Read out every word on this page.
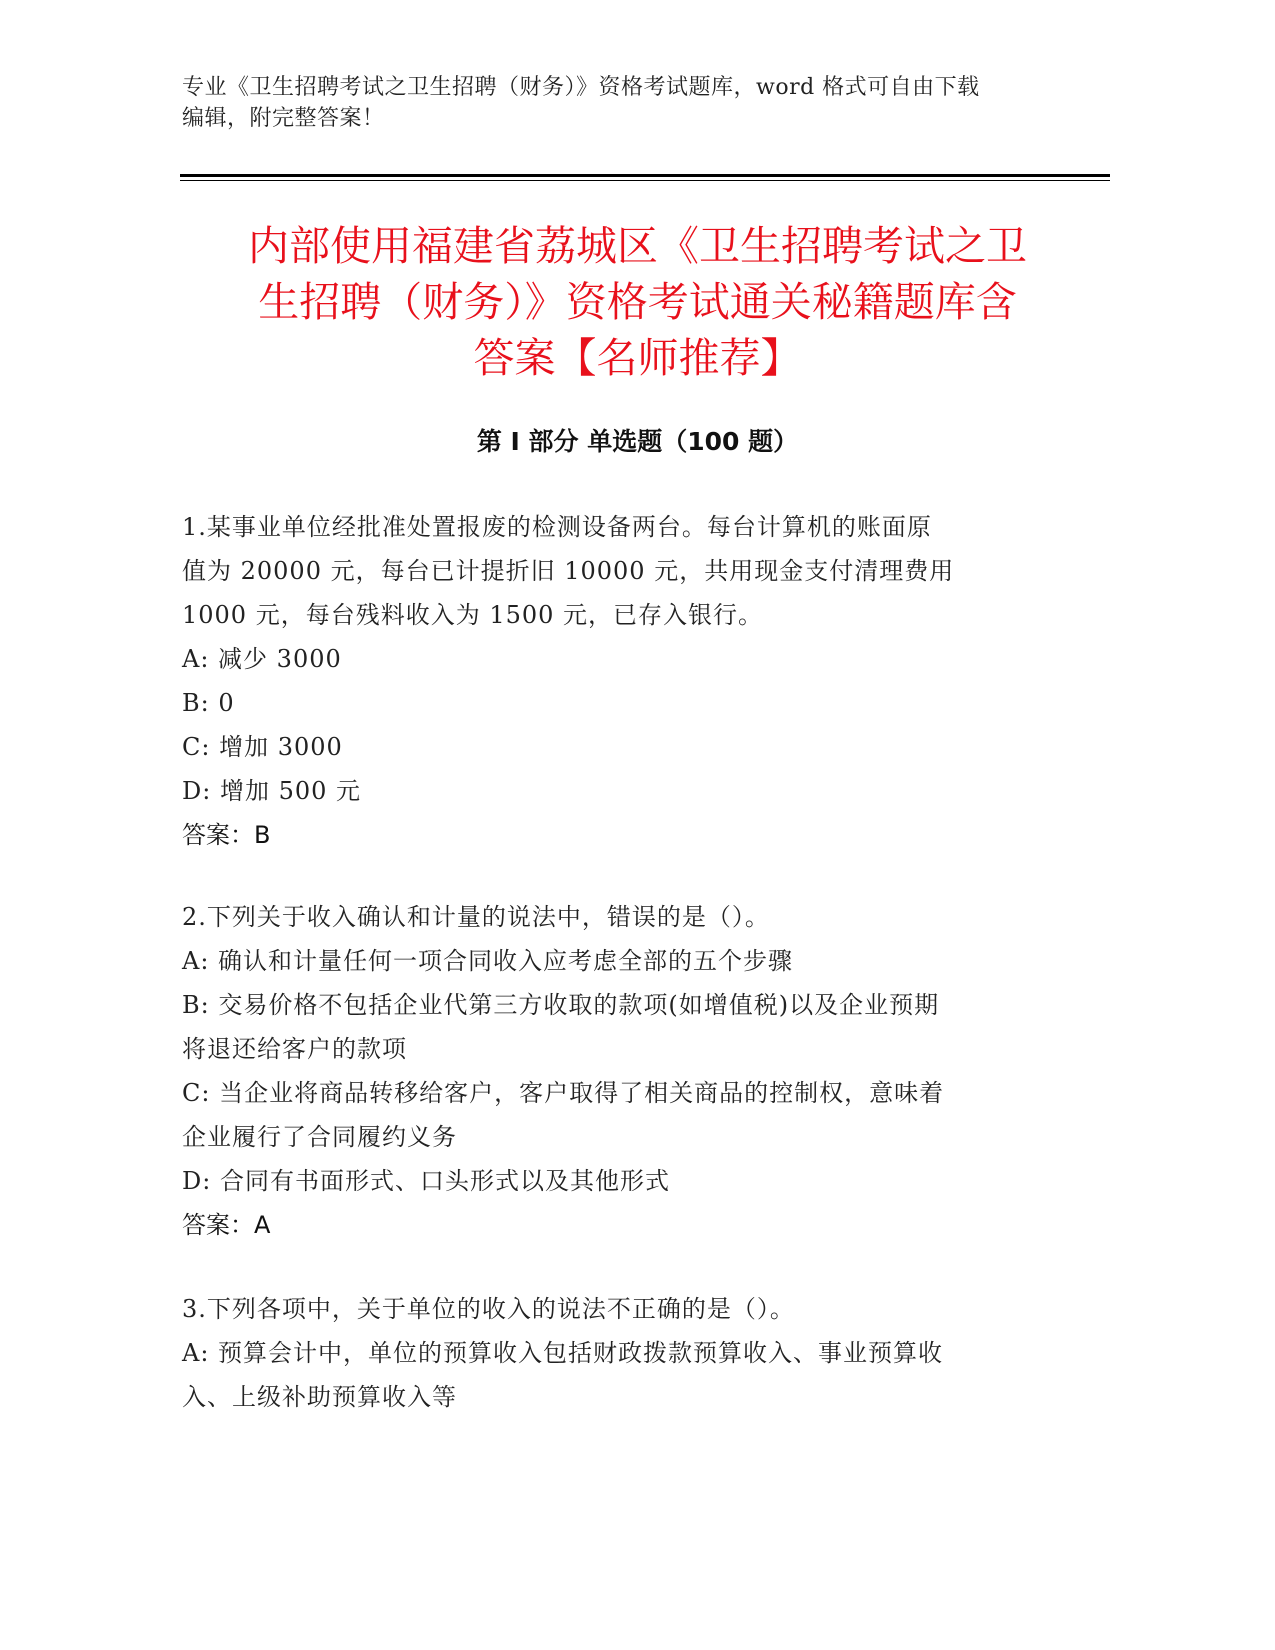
专业《卫生招聘考试之卫生招聘（财务）》资格考试题库，word 格式可自由下载
编辑，附完整答案！
内部使用福建省荔城区《卫生招聘考试之卫
生招聘（财务）》资格考试通关秘籍题库含
答案【名师推荐】
第 I 部分 单选题（100 题）

1.某事业单位经批准处置报废的检测设备两台。每台计算机的账面原

值为 20000 元，每台已计提折旧 10000 元，共用现金支付清理费用

1000 元，每台残料收入为 1500 元，已存入银行。

A: 减少 3000

B: 0

C: 增加 3000

D: 增加 500 元

答案：B

2.下列关于收入确认和计量的说法中，错误的是（）。

A: 确认和计量任何一项合同收入应考虑全部的五个步骤

B: 交易价格不包括企业代第三方收取的款项(如增值税)以及企业预期

将退还给客户的款项

C: 当企业将商品转移给客户，客户取得了相关商品的控制权，意味着

企业履行了合同履约义务

D: 合同有书面形式、口头形式以及其他形式

答案：A

3.下列各项中，关于单位的收入的说法不正确的是（）。

A: 预算会计中，单位的预算收入包括财政拨款预算收入、事业预算收

入、上级补助预算收入等
